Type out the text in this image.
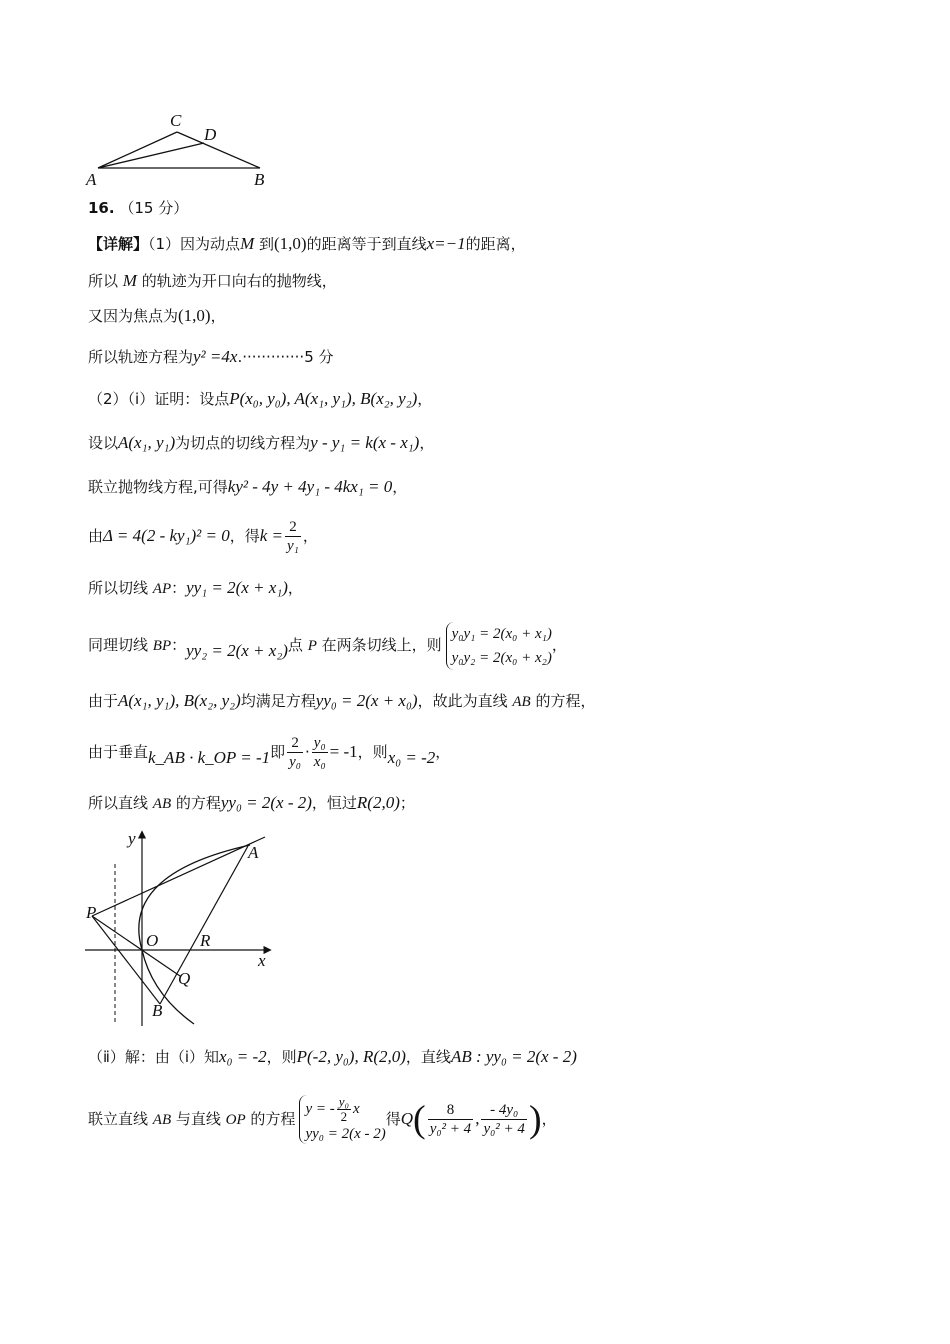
C
D
A	B
16. （15 分）
【详解】（1）因为动点M 到(1,0)的距离等于到直线x=−1的距离，
所以 M 的轨迹为开口向右的抛物线，
又因为焦点为(1,0)，
所以轨迹方程为y² =4x.·············5 分
（2）（ⅰ）证明：设点P(x₀, y₀), A(x₁, y₁), B(x₂, y₂)，
设以A(x₁, y₁)为切点的切线方程为y - y₁ = k(x - x₁)，
联立抛物线方程,可得ky² - 4y + 4y₁ - 4kx₁ = 0，
由Δ = 4(2 - ky₁)² = 0，得$k = \frac{2}{\text{y₁}}$ ，
所以切线 AP：yy₁ = 2(x + x₁)，
同理切线 BP：yy₂ = 2(x + x₂)点 P 在两条切线上，则
y₀y₁ = 2(x₀ + x₁)
y₀y₂ = 2(x₀ + x₂)
，
由于A(x₁, y₁), B(x₂, y₂)均满足方程yy₀ = 2(x + x₀)，故此为直线 AB 的方程，
由于垂直k_AB · k_OP = -1即 $\frac{2}{\text{y₀}} \cdot \frac{\text{y₀}}{\text{x₀}} = -1$，则x₀ = -2，
所以直线 AB 的方程yy₀ = 2(x - 2)，恒过R(2,0)；
y
A
P
O R
x
Q
B
（ⅱ）解：由（ⅰ）知x₀ = -2，则P(-2, y₀), R(2,0)，直线AB : yy₀ = 2(x - 2)
联立直线 AB 与直线 OP 的方程
y = - $\frac{\text{y₀}}{2}$ x
yy₀ = 2(x - 2)
得$Q( \frac{8}{\text{y₀² + 4}}$ , $\frac{\text{- 4y₀}}{\text{y₀² + 4}}$ )，
